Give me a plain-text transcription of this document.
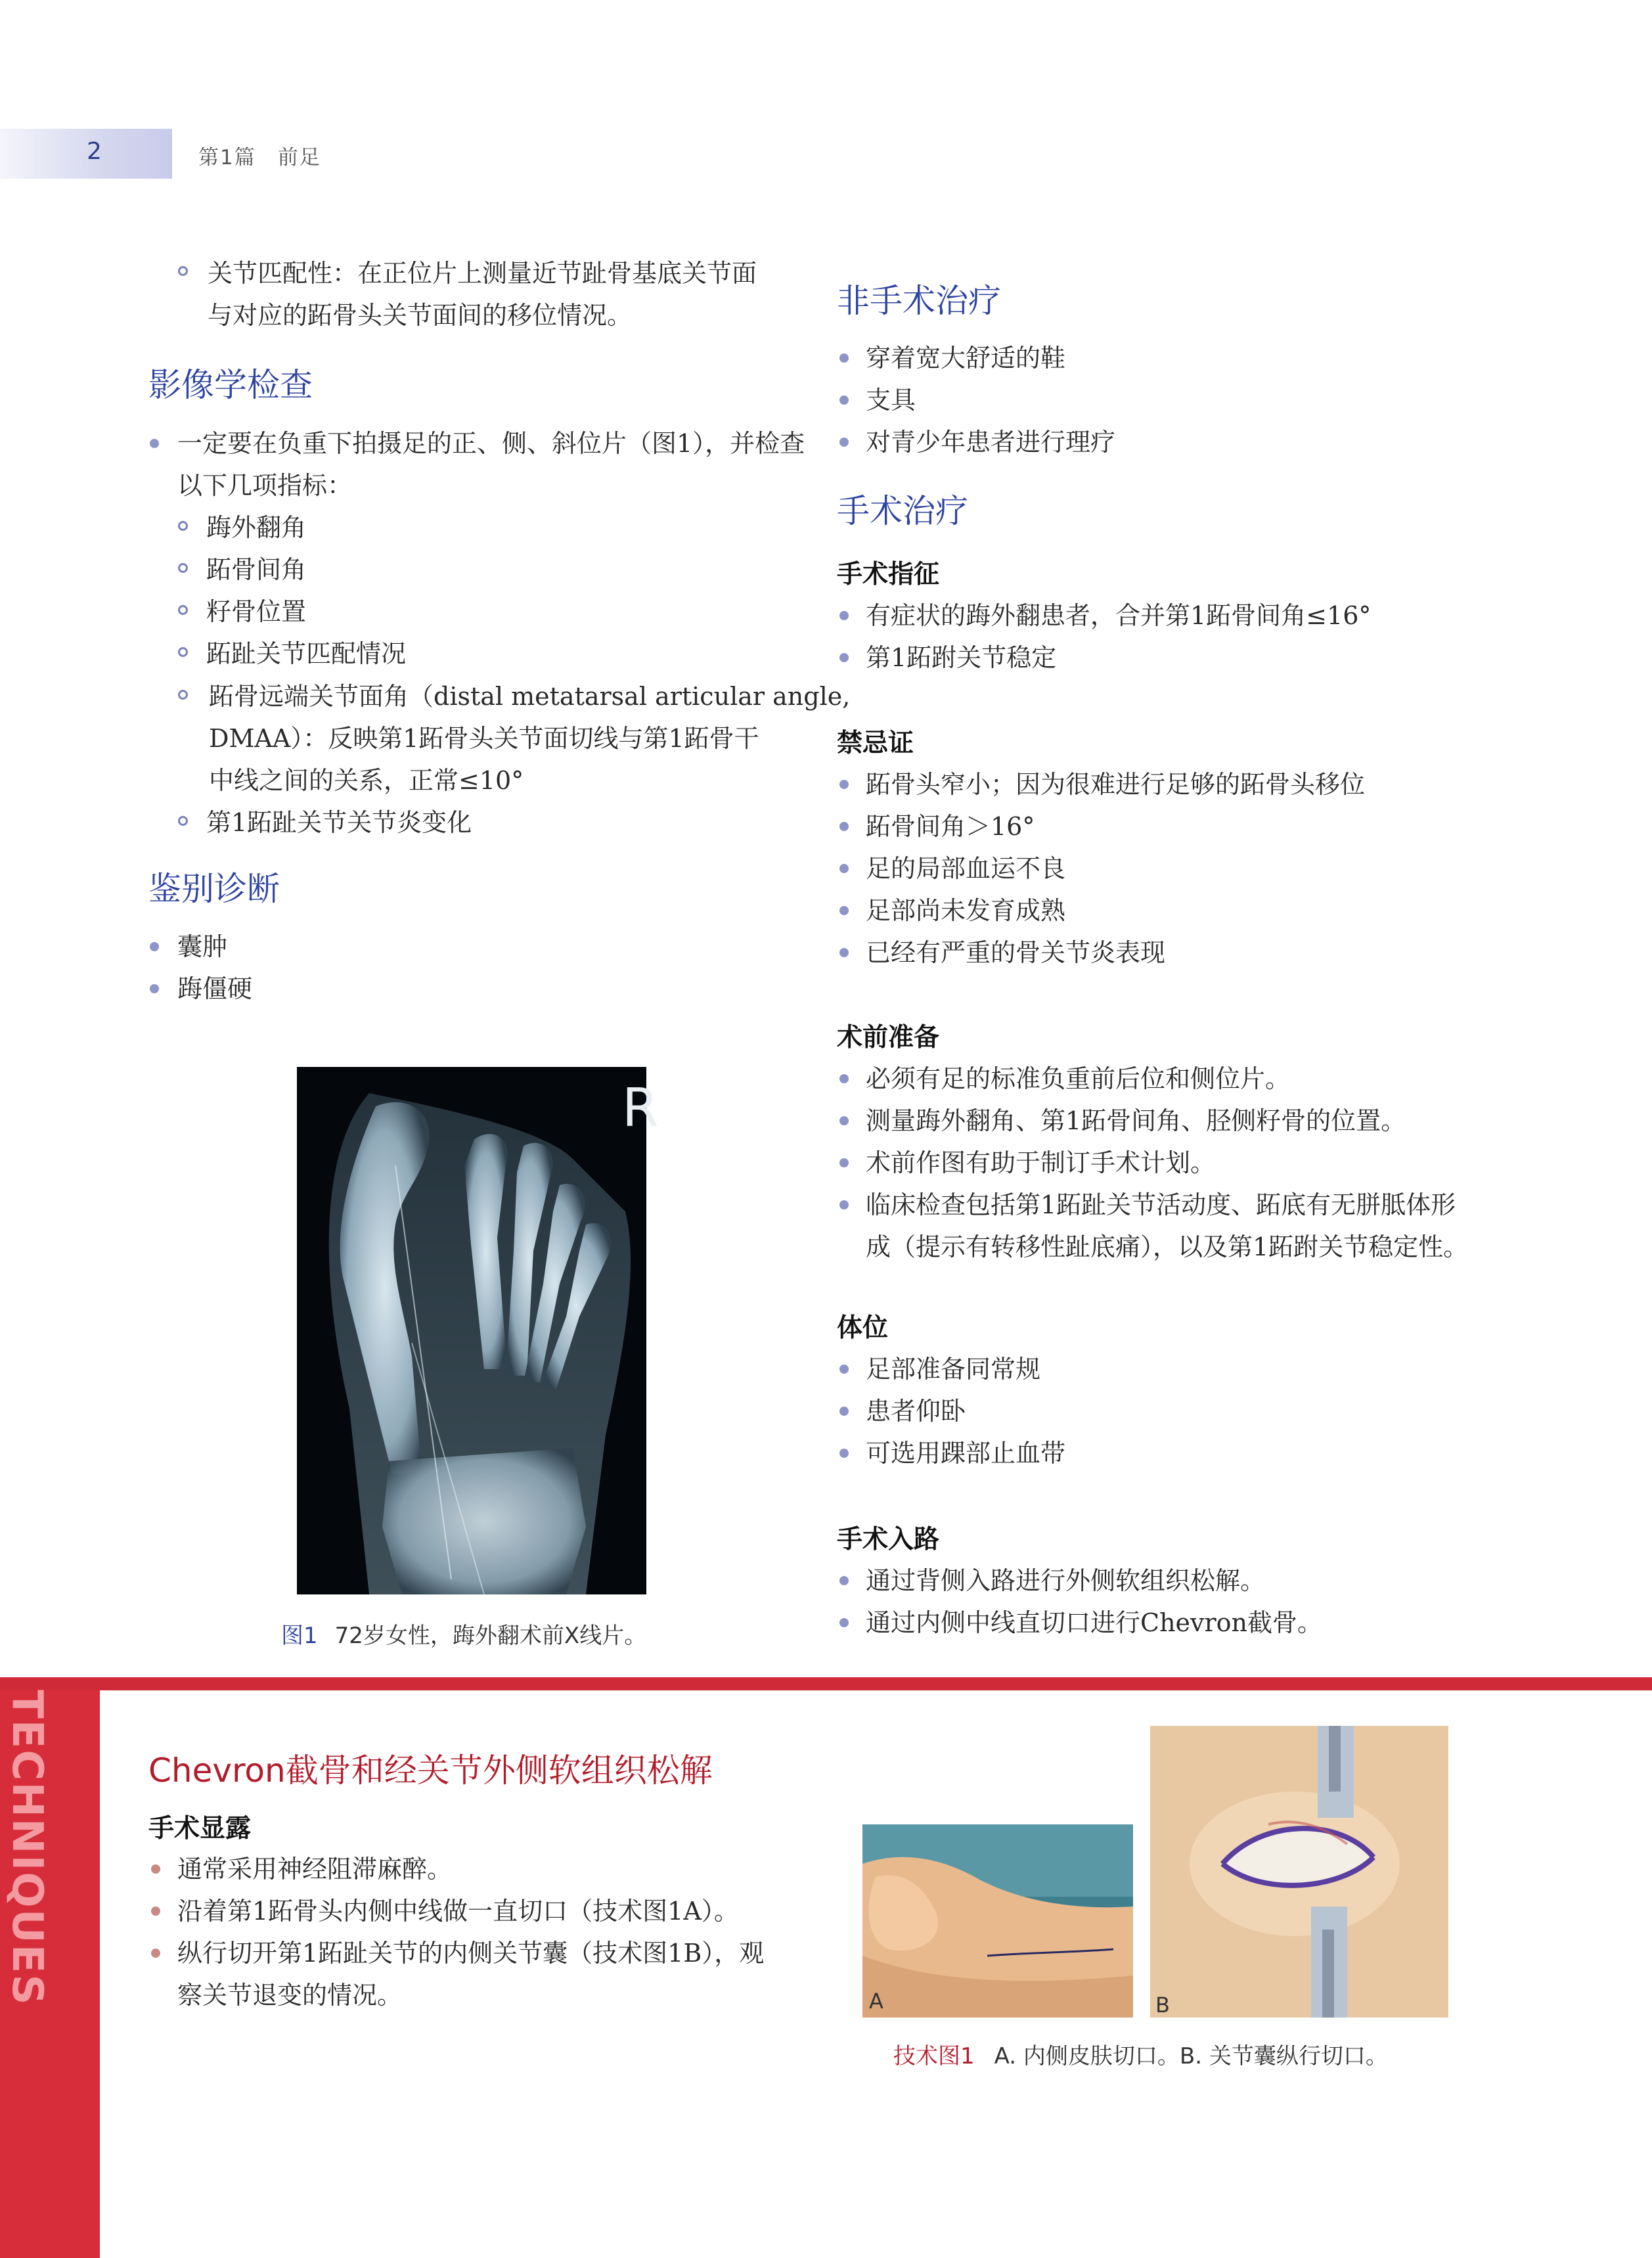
2	第1篇　前足
关节匹配性：在正位片上测量近节趾骨基底关节面
与对应的跖骨头关节面间的移位情况。
影像学检查
一定要在负重下拍摄足的正、侧、斜位片（图1），并检查
以下几项指标：
踇外翻角
跖骨间角
籽骨位置
跖趾关节匹配情况
跖骨远端关节面角（distal metatarsal articular angle,
DMAA）：反映第1跖骨头关节面切线与第1跖骨干
中线之间的关系，正常≤10°
第1跖趾关节关节炎变化
鉴别诊断
囊肿
踇僵硬
R
图1 72岁女性，踇外翻术前X线片。
非手术治疗
穿着宽大舒适的鞋
支具
对青少年患者进行理疗
手术治疗
手术指征
有症状的踇外翻患者，合并第1跖骨间角≤16°
第1跖跗关节稳定
禁忌证
跖骨头窄小；因为很难进行足够的跖骨头移位
跖骨间角＞16°
足的局部血运不良
足部尚未发育成熟
已经有严重的骨关节炎表现
术前准备
必须有足的标准负重前后位和侧位片。
测量踇外翻角、第1跖骨间角、胫侧籽骨的位置。
术前作图有助于制订手术计划。
临床检查包括第1跖趾关节活动度、跖底有无胼胝体形
成（提示有转移性趾底痛），以及第1跖跗关节稳定性。
体位
足部准备同常规
患者仰卧
可选用踝部止血带
手术入路
通过背侧入路进行外侧软组织松解。
通过内侧中线直切口进行Chevron截骨。
TECHNIQUES	Chevron截骨和经关节外侧软组织松解
手术显露
通常采用神经阻滞麻醉。
沿着第1跖骨头内侧中线做一直切口（技术图1A）。
纵行切开第1跖趾关节的内侧关节囊（技术图1B），观
察关节退变的情况。	A	B
技术图1 A. 内侧皮肤切口。B. 关节囊纵行切口。
